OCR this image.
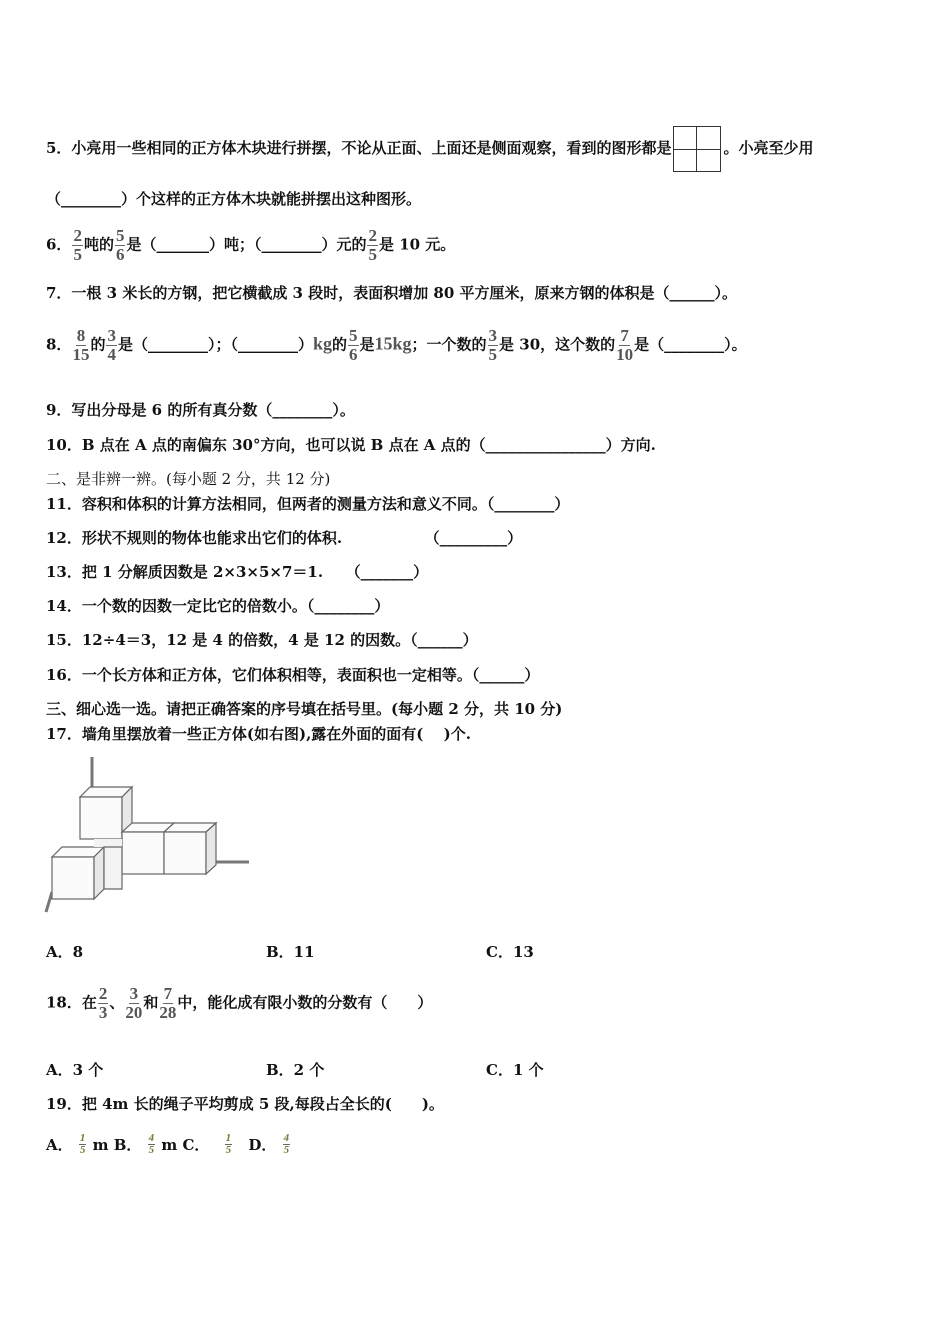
5．小亮用一些相同的正方体木块进行拼摆，不论从正面、上面还是侧面观察，看到的图形都是	。小亮至少用
（________）个这样的正方体木块就能拼摆出这种图形。
6． $\frac{2}{5}$ 吨的 $\frac{5}{6}$ 是（_______）吨；（________）元的 $\frac{2}{5}$ 是 10 元。
7．一根 3 米长的方钢，把它横截成 3 段时，表面积增加 80 平方厘米，原来方钢的体积是（______）。
8． $\frac{8}{15}$ 的 $\frac{3}{4}$ 是（________）；（________）kg的 $\frac{5}{6}$ 是15kg；一个数的 $\frac{3}{5}$ 是 30，这个数的 $\frac{7}{10}$ 是（________）。
9．写出分母是 6 的所有真分数（________）。
10．B 点在 A 点的南偏东 30°方向，也可以说 B 点在 A 点的（________________）方向.
二、是非辨一辨。(每小题 2 分，共 12 分)
11．容积和体积的计算方法相同，但两者的测量方法和意义不同。（________）
12．形状不规则的物体也能求出它们的体积.　　　　　　（_________）
13．把 1 分解质因数是 2×3×5×7＝1.　　（_______）
14．一个数的因数一定比它的倍数小。（________）
15．12÷4＝3，12 是 4 的倍数，4 是 12 的因数。（______）
16．一个长方体和正方体，它们体积相等，表面积也一定相等。（______）
三、细心选一选。请把正确答案的序号填在括号里。(每小题 2 分，共 10 分)
17．墙角里摆放着一些正方体(如右图),露在外面的面有(　 )个.
A．8	B．11	C．13
18．在 $\frac{2}{3}$ 、 $\frac{3}{20}$ 和 $\frac{7}{28}$ 中，能化成有限小数的分数有（　　）
A．3 个	B．2 个	C．1 个
19．把 4m 长的绳子平均剪成 5 段,每段占全长的(　　)。
A． $\frac{1}{5}$ m B． $\frac{4}{5}$ m C． $\frac{1}{5}$ D． $\frac{4}{5}$
